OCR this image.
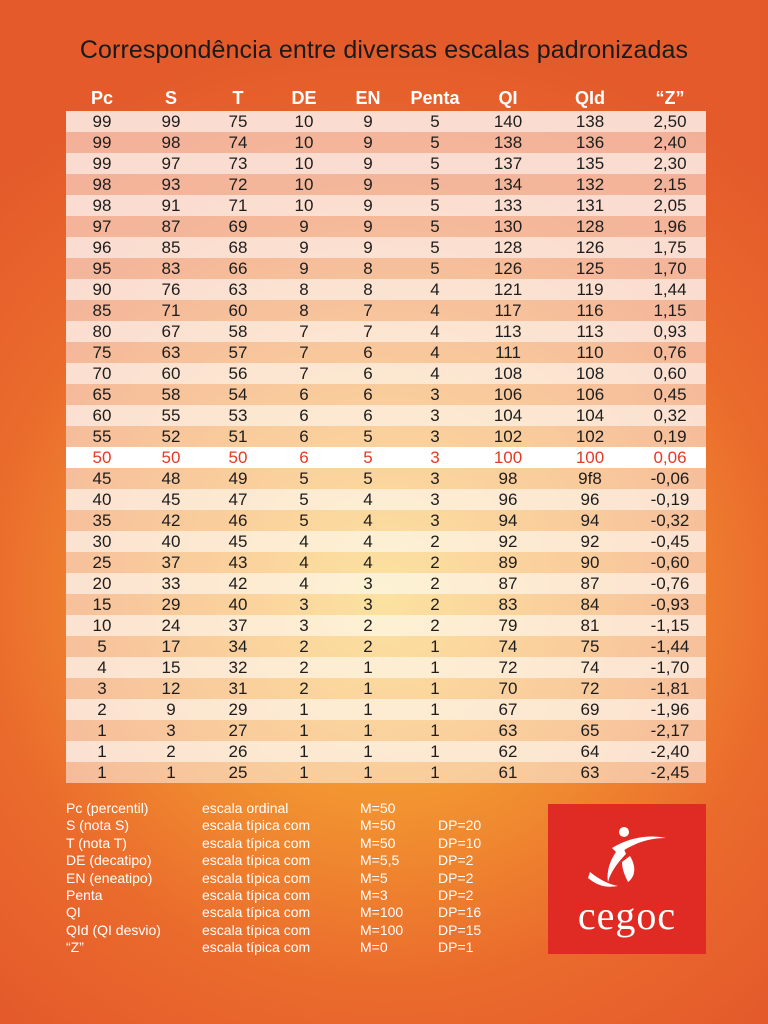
Correspondência entre diversas escalas padronizadas
Pc	S	T	DE	EN	Penta	QI	QId	“Z”
99	99	75	10	9	5	140	138	2,50
99	98	74	10	9	5	138	136	2,40
99	97	73	10	9	5	137	135	2,30
98	93	72	10	9	5	134	132	2,15
98	91	71	10	9	5	133	131	2,05
97	87	69	9	9	5	130	128	1,96
96	85	68	9	9	5	128	126	1,75
95	83	66	9	8	5	126	125	1,70
90	76	63	8	8	4	121	119	1,44
85	71	60	8	7	4	117	116	1,15
80	67	58	7	7	4	113	113	0,93
75	63	57	7	6	4	111	110	0,76
70	60	56	7	6	4	108	108	0,60
65	58	54	6	6	3	106	106	0,45
60	55	53	6	6	3	104	104	0,32
55	52	51	6	5	3	102	102	0,19
50	50	50	6	5	3	100	100	0,06
45	48	49	5	5	3	98	9f8	-0,06
40	45	47	5	4	3	96	96	-0,19
35	42	46	5	4	3	94	94	-0,32
30	40	45	4	4	2	92	92	-0,45
25	37	43	4	4	2	89	90	-0,60
20	33	42	4	3	2	87	87	-0,76
15	29	40	3	3	2	83	84	-0,93
10	24	37	3	2	2	79	81	-1,15
5	17	34	2	2	1	74	75	-1,44
4	15	32	2	1	1	72	74	-1,70
3	12	31	2	1	1	70	72	-1,81
2	9	29	1	1	1	67	69	-1,96
1	3	27	1	1	1	63	65	-2,17
1	2	26	1	1	1	62	64	-2,40
1	1	25	1	1	1	61	63	-2,45
Pc (percentil)	escala ordinal	M=50
S (nota S)	escala típica com	M=50	DP=20
T (nota T)	escala típica com	M=50	DP=10
DE (decatipo)	escala típica com	M=5,5	DP=2
EN (eneatipo)	escala típica com	M=5	DP=2
Penta	escala típica com	M=3	DP=2
QI	escala típica com	M=100	DP=16
QId (QI desvio)	escala típica com	M=100	DP=15
“Z”	escala típica com	M=0	DP=1
cegoc
